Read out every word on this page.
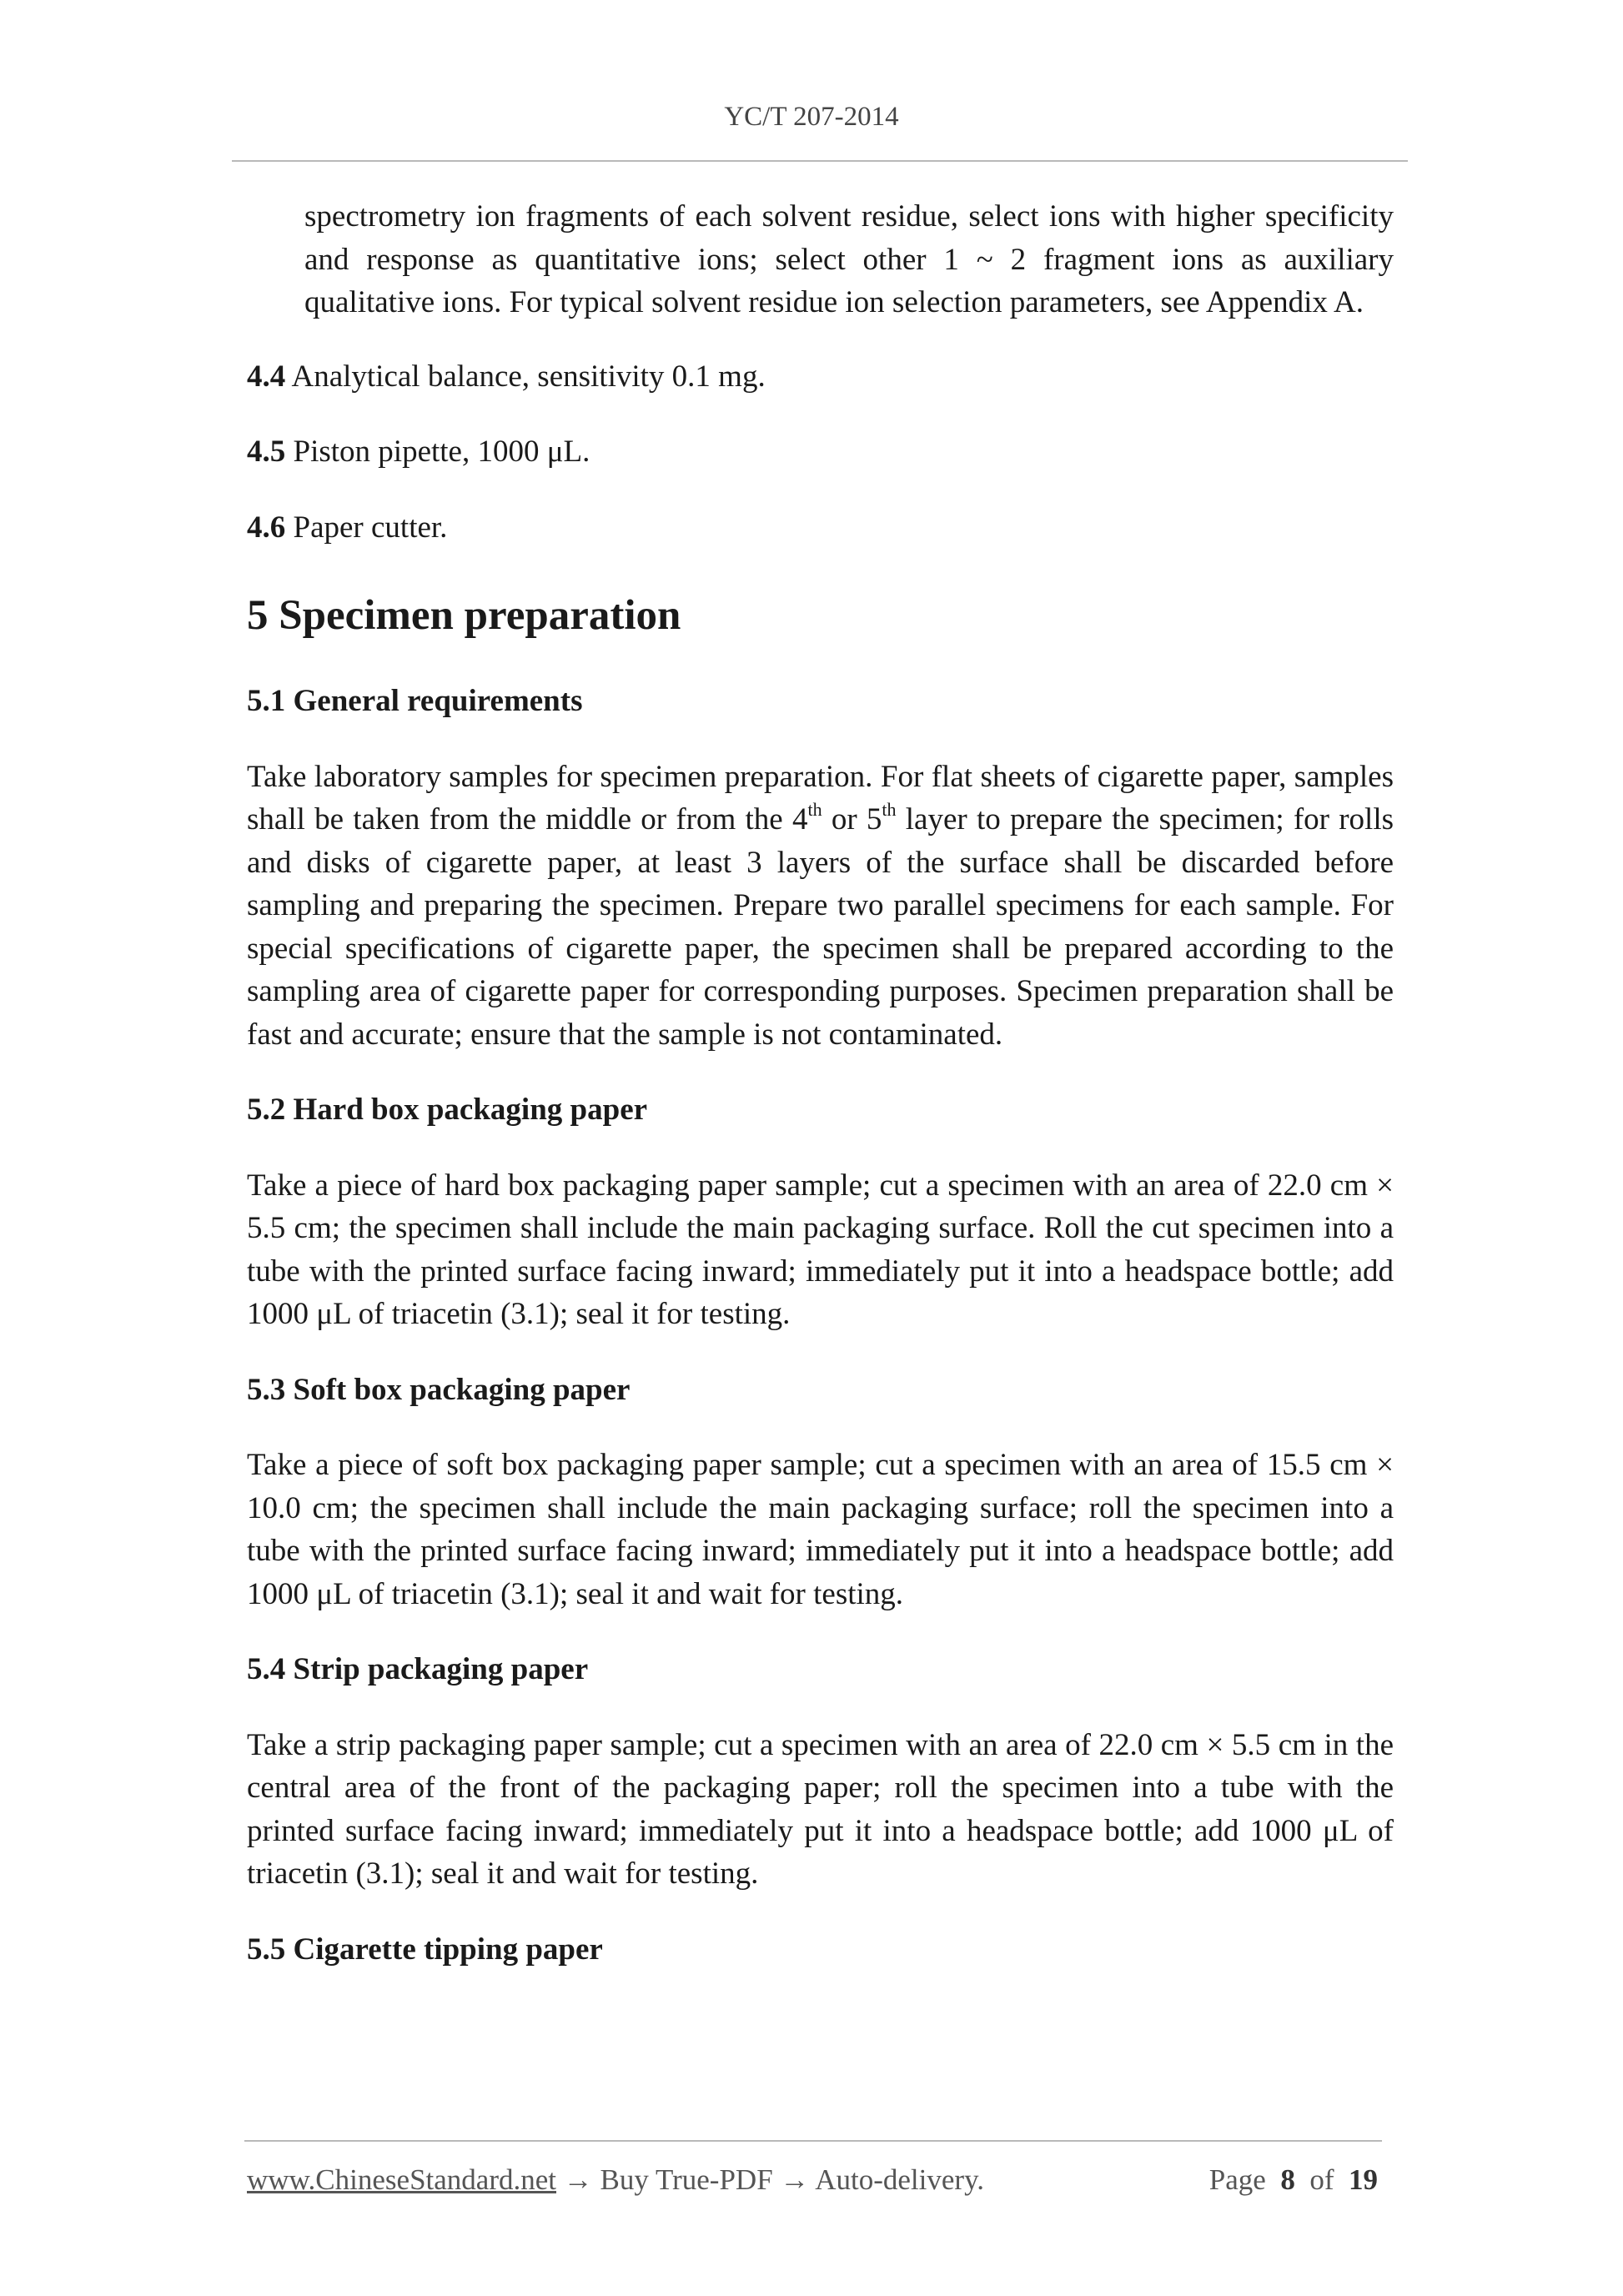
YC/T 207-2014

spectrometry ion fragments of each solvent residue, select ions with higher specificity and response as quantitative ions; select other 1 ~ 2 fragment ions as auxiliary qualitative ions. For typical solvent residue ion selection parameters, see Appendix A.

4.4 Analytical balance, sensitivity 0.1 mg.

4.5 Piston pipette, 1000 μL.

4.6 Paper cutter.

5 Specimen preparation
5.1 General requirements

Take laboratory samples for specimen preparation. For flat sheets of cigarette paper, samples shall be taken from the middle or from the 4th or 5th layer to prepare the specimen; for rolls and disks of cigarette paper, at least 3 layers of the surface shall be discarded before sampling and preparing the specimen. Prepare two parallel specimens for each sample. For special specifications of cigarette paper, the specimen shall be prepared according to the sampling area of cigarette paper for corresponding purposes. Specimen preparation shall be fast and accurate; ensure that the sample is not contaminated.

5.2 Hard box packaging paper

Take a piece of hard box packaging paper sample; cut a specimen with an area of 22.0 cm × 5.5 cm; the specimen shall include the main packaging surface. Roll the cut specimen into a tube with the printed surface facing inward; immediately put it into a headspace bottle; add 1000 μL of triacetin (3.1); seal it for testing.

5.3 Soft box packaging paper

Take a piece of soft box packaging paper sample; cut a specimen with an area of 15.5 cm × 10.0 cm; the specimen shall include the main packaging surface; roll the specimen into a tube with the printed surface facing inward; immediately put it into a headspace bottle; add 1000 μL of triacetin (3.1); seal it and wait for testing.

5.4 Strip packaging paper

Take a strip packaging paper sample; cut a specimen with an area of 22.0 cm × 5.5 cm in the central area of the front of the packaging paper; roll the specimen into a tube with the printed surface facing inward; immediately put it into a headspace bottle; add 1000 μL of triacetin (3.1); seal it and wait for testing.

5.5 Cigarette tipping paper
www.ChineseStandard.net → Buy True-PDF → Auto-delivery.	Page 8 of 19
